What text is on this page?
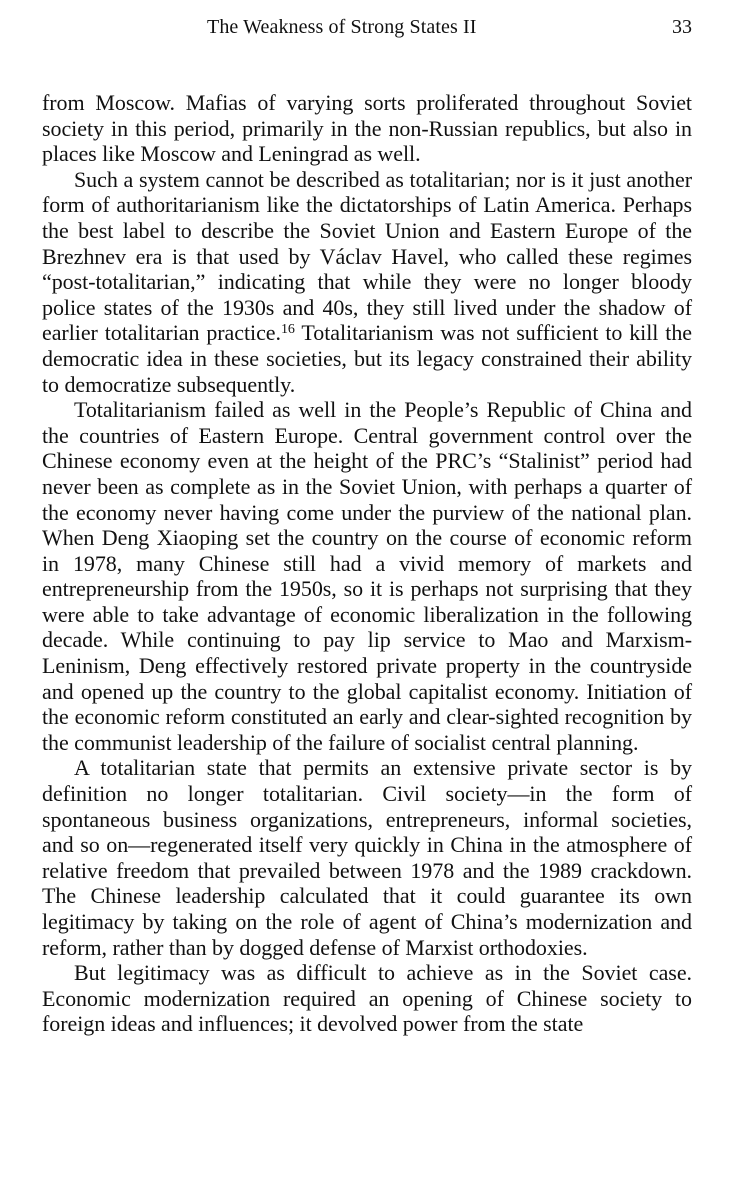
The Weakness of Strong States II	33

from Moscow. Mafias of varying sorts proliferated throughout Soviet society in this period, primarily in the non-Russian republics, but also in places like Moscow and Leningrad as well.

Such a system cannot be described as totalitarian; nor is it just another form of authoritarianism like the dictatorships of Latin America. Perhaps the best label to describe the Soviet Union and Eastern Europe of the Brezhnev era is that used by Václav Havel, who called these regimes “post-totalitarian,” indicating that while they were no longer bloody police states of the 1930s and 40s, they still lived under the shadow of earlier totalitarian practice.$^{16}$ Totalitarianism was not sufficient to kill the democratic idea in these societies, but its legacy constrained their ability to democratize subsequently.

Totalitarianism failed as well in the People’s Republic of China and the countries of Eastern Europe. Central government control over the Chinese economy even at the height of the PRC’s “Stalinist” period had never been as complete as in the Soviet Union, with perhaps a quarter of the economy never having come under the purview of the national plan. When Deng Xiaoping set the country on the course of economic reform in 1978, many Chinese still had a vivid memory of markets and entrepreneurship from the 1950s, so it is perhaps not surprising that they were able to take advantage of economic liberalization in the following decade. While continuing to pay lip service to Mao and Marxism-Leninism, Deng effectively restored private property in the countryside and opened up the country to the global capitalist economy. Initiation of the economic reform constituted an early and clear-sighted recognition by the communist leadership of the failure of socialist central planning.

A totalitarian state that permits an extensive private sector is by definition no longer totalitarian. Civil society—in the form of spontaneous business organizations, entrepreneurs, informal societies, and so on—regenerated itself very quickly in China in the atmosphere of relative freedom that prevailed between 1978 and the 1989 crackdown. The Chinese leadership calculated that it could guarantee its own legitimacy by taking on the role of agent of China’s modernization and reform, rather than by dogged defense of Marxist orthodoxies.

But legitimacy was as difficult to achieve as in the Soviet case. Economic modernization required an opening of Chinese society to foreign ideas and influences; it devolved power from the state
